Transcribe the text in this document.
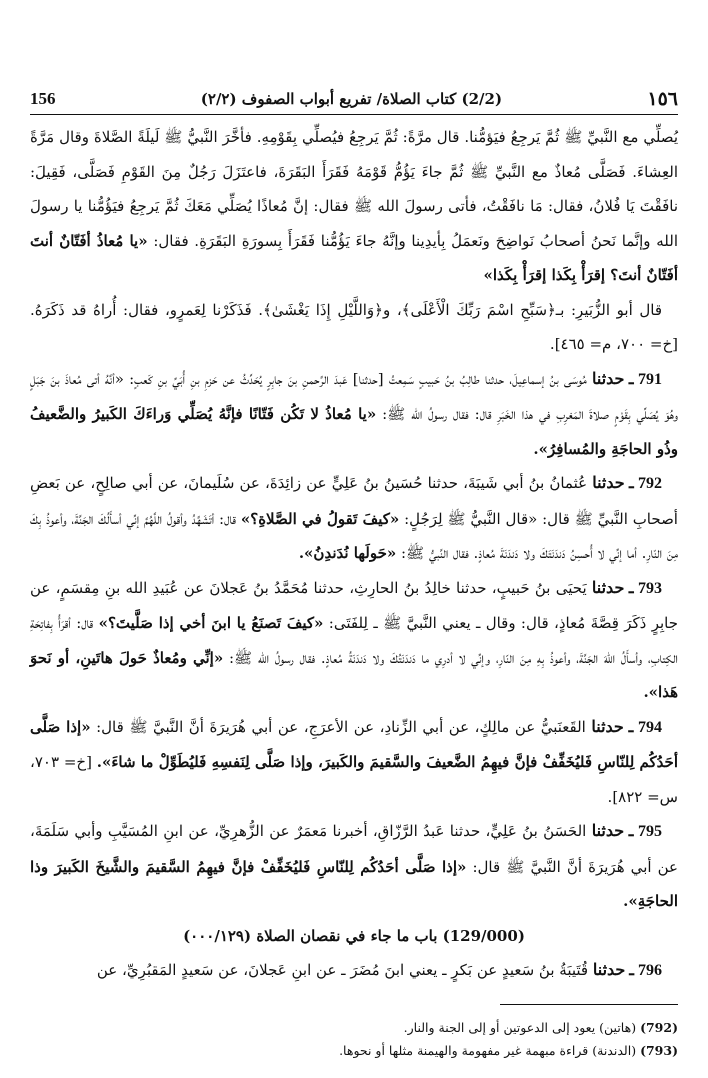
156	(2/2) كتاب الصلاة/ تفريع أبواب الصفوف (٢/٢)	١٥٦

يُصلِّي مع النَّبيِّ ﷺ ثُمَّ يَرجِعُ فيَؤمُّنا. قال مرَّةً: ثُمَّ يَرجِعُ فيُصلِّي بِقَوْمِهِ. فأخَّرَ النَّبيُّ ﷺ لَيلَةً الصَّلاةَ وقال مَرَّةً العِشاءَ. فَصَلَّى مُعاذٌ مع النَّبيِّ ﷺ ثُمَّ جاءَ يَؤُمُّ قَوْمَهُ فَقَرَأَ البَقَرَةَ، فاعتَزَلَ رَجُلٌ مِنَ القَوْمِ فَصَلَّى، فَقِيلَ: نافَقْتَ يَا فُلانُ، فقال: مَا نافَقْتُ، فأتى رسولَ الله ﷺ فقال: إنَّ مُعاذًا يُصَلِّي مَعَكَ ثُمَّ يَرجِعُ فيَؤُمُّنا يا رسولَ الله وإنَّما نَحنُ أصحابُ نَواضِحَ ونَعمَلُ بِأيدِينا وإنَّهُ جاءَ يَؤُمُّنا فَقَرَأَ بِسورَةِ البَقَرَةِ. فقال: «يا مُعاذُ أفَتّانٌ أنتَ أفَتّانٌ أنتَ؟ إقرَأْ بِكَذا إقرَأْ بِكَذا»

قال أبو الزُّبَيرِ: بـ﴿سَبِّحِ اسْمَ رَبِّكَ الْأَعْلَى﴾، و﴿وَاللَّيْلِ إِذَا يَغْشَىٰ﴾. فَذَكَرْنا لِعَمرٍو، فقال: أُراهُ قد ذَكَرَهُ. [خ= ٧٠٠، م= ٤٦٥].

791 ـ حدثنا مُوسَى بنُ إسماعِيلَ، حدثنا طالِبُ بنُ حَبيبٍ سَمِعتُ [حدثنا] عَبدَ الرَّحمنِ بنَ جابِرٍ يُحَدِّثُ عن حَزمِ بنِ أُبَيِّ بنِ كَعبٍ: «أنَّهُ أتى مُعاذَ بنَ جَبَلٍ وهُوَ يُصَلِّي بِقَوْمٍ صلاةَ المَغرِبِ في هذا الخَبَرِ قال: فقال رسولُ الله ﷺ: «يا مُعاذُ لا تَكُن فَتّانًا فإنَّهُ يُصَلِّي وَراءَكَ الكَبيرُ والضَّعيفُ وذُو الحاجَةِ والمُسافِرُ».

792 ـ حدثنا عُثمانُ بنُ أبي شَيبَةَ، حدثنا حُسَينُ بنُ عَلِيٍّ عن زائِدَةَ، عن سُلَيمانَ، عن أبي صالِحٍ، عن بَعضِ أصحابِ النَّبيِّ ﷺ قال: «قال النَّبيُّ ﷺ لِرَجُلٍ: «كيفَ تَقولُ في الصَّلاةِ؟» قال: أتَشَهَّدُ وأقولُ اللَّهُمَّ إنِّي أسأَلُكَ الجَنَّةَ، وأعوذُ بِكَ مِنَ النّارِ. أما إنِّي لا أُحسِنُ دَندَنَتَكَ ولا دَندَنَةَ مُعاذٍ. فقال النَّبيُّ ﷺ: «حَولَها نُدَندِنُ».

793 ـ حدثنا يَحيَى بنُ حَبيبٍ، حدثنا خالِدُ بنُ الحارِثِ، حدثنا مُحَمَّدُ بنُ عَجلانَ عن عُبَيدِ الله بنِ مِقسَمٍ، عن جابِرٍ ذَكَرَ قِصَّةَ مُعاذٍ، قال: وقال ـ يعني النَّبيَّ ﷺ ـ لِلفَتَى: «كيفَ تَصنَعُ يا ابنَ أخي إذا صَلَّيتَ؟» قال: أقرَأُ بِفاتِحَةِ الكِتابِ، وأسأَلُ اللهَ الجَنَّةَ، وأعوذُ بِهِ مِنَ النّارِ، وإنِّي لا أدرِي ما دَندَنَتُكَ ولا دَندَنَةُ مُعاذٍ. فقال رسولُ الله ﷺ: «إنِّي ومُعاذٌ حَولَ هاتَينِ، أو نَحوَ هَذا».

794 ـ حدثنا القَعنَبيُّ عن مالِكٍ، عن أبي الزِّنادِ، عن الأعرَجِ، عن أبي هُرَيرَةَ أنَّ النَّبيَّ ﷺ قال: «إذا صَلَّى أحَدُكُم لِلنّاسِ فَليُخَفِّفْ فإنَّ فيهِمُ الضَّعيفَ والسَّقيمَ والكَبيرَ، وإذا صَلَّى لِنَفسِهِ فَليُطَوِّلْ ما شاءَ». [خ= ٧٠٣، س= ٨٢٢].

795 ـ حدثنا الحَسَنُ بنُ عَلِيٍّ، حدثنا عَبدُ الرَّزّاقِ، أخبرنا مَعمَرٌ عن الزُّهرِيِّ، عن ابنِ المُسَيَّبِ وأبي سَلَمَةَ، عن أبي هُرَيرَةَ أنَّ النَّبيَّ ﷺ قال: «إذا صَلَّى أحَدُكُم لِلنّاسِ فَليُخَفِّفْ فإنَّ فيهِمُ السَّقيمَ والشَّيخَ الكَبيرَ وذا الحاجَةِ».

(129/000) باب ما جاء في نقصان الصلاة (٠٠٠/١٢٩)

796 ـ حدثنا قُتَيبَةُ بنُ سَعيدٍ عن بَكرٍ ـ يعني ابنَ مُضَرَ ـ عن ابنِ عَجلانَ، عن سَعيدٍ المَقبُرِيِّ، عن

(792) (هاتين) يعود إلى الدعوتين أو إلى الجنة والنار.

(793) (الدندنة) قراءة مبهمة غير مفهومة والهيمنة مثلها أو نحوها.
